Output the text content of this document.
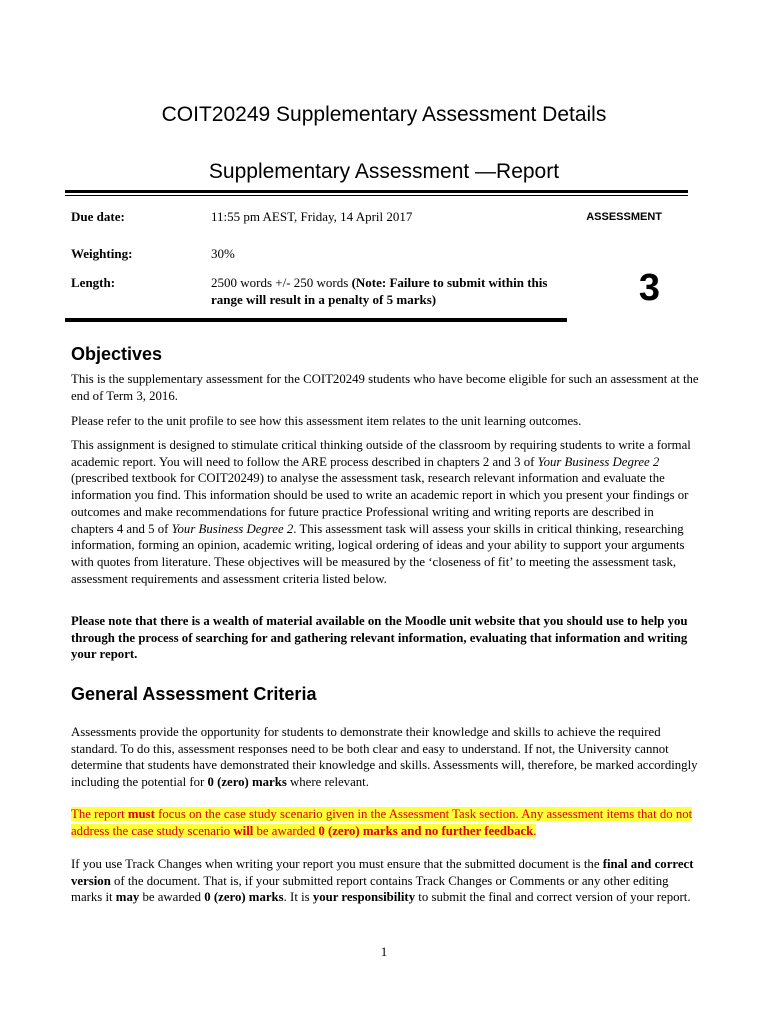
COIT20249 Supplementary Assessment Details
Supplementary Assessment —Report
Due date:	11:55 pm AEST, Friday, 14 April 2017
Weighting:	30%
Length:	2500 words +/- 250 words (Note: Failure to submit within this range will result in a penalty of 5 marks)
ASSESSMENT
3
Objectives

This is the supplementary assessment for the COIT20249 students who have become eligible for such an assessment at the end of Term 3, 2016.

Please refer to the unit profile to see how this assessment item relates to the unit learning outcomes.

This assignment is designed to stimulate critical thinking outside of the classroom by requiring students to write a formal academic report. You will need to follow the ARE process described in chapters 2 and 3 of Your Business Degree 2 (prescribed textbook for COIT20249) to analyse the assessment task, research relevant information and evaluate the information you find. This information should be used to write an academic report in which you present your findings or outcomes and make recommendations for future practice Professional writing and writing reports are described in chapters 4 and 5 of Your Business Degree 2. This assessment task will assess your skills in critical thinking, researching information, forming an opinion, academic writing, logical ordering of ideas and your ability to support your arguments with quotes from literature. These objectives will be measured by the ‘closeness of fit’ to meeting the assessment task, assessment requirements and assessment criteria listed below.

Please note that there is a wealth of material available on the Moodle unit website that you should use to help you through the process of searching for and gathering relevant information, evaluating that information and writing your report.

General Assessment Criteria

Assessments provide the opportunity for students to demonstrate their knowledge and skills to achieve the required standard. To do this, assessment responses need to be both clear and easy to understand. If not, the University cannot determine that students have demonstrated their knowledge and skills. Assessments will, therefore, be marked accordingly including the potential for 0 (zero) marks where relevant.

The report must focus on the case study scenario given in the Assessment Task section. Any assessment items that do not address the case study scenario will be awarded 0 (zero) marks and no further feedback.

If you use Track Changes when writing your report you must ensure that the submitted document is the final and correct version of the document. That is, if your submitted report contains Track Changes or Comments or any other editing marks it may be awarded 0 (zero) marks. It is your responsibility to submit the final and correct version of your report.

1
